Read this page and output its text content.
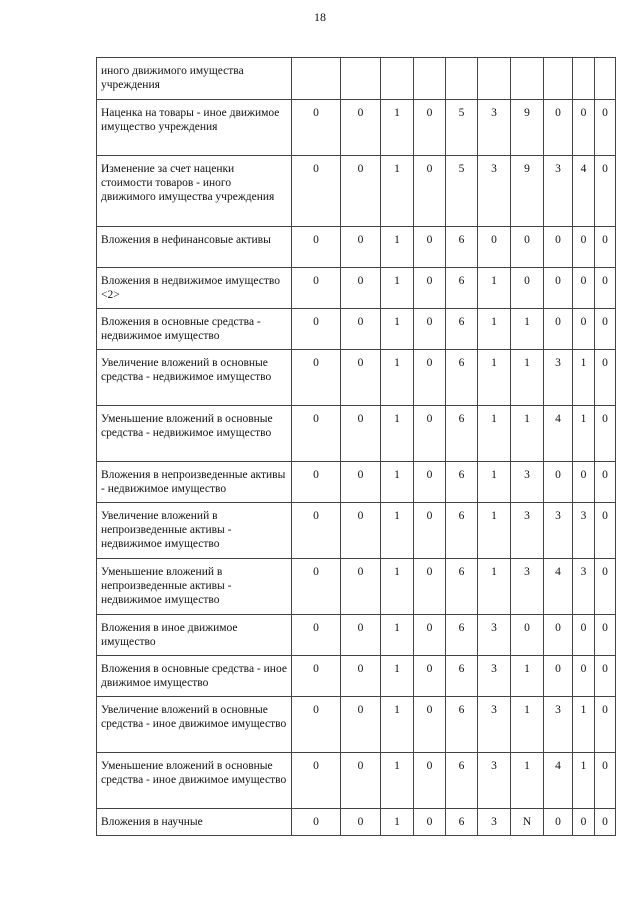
18
иного движимого имущества учреждения										
Наценка на товары - иное движимое имущество учреждения	0	0	1	0	5	3	9	0	0	0
Изменение за счет наценки стоимости товаров - иного движимого имущества учреждения	0	0	1	0	5	3	9	3	4	0
Вложения в нефинансовые активы	0	0	1	0	6	0	0	0	0	0
Вложения в недвижимое имущество <2>	0	0	1	0	6	1	0	0	0	0
Вложения в основные средства - недвижимое имущество	0	0	1	0	6	1	1	0	0	0
Увеличение вложений в основные средства - недвижимое имущество	0	0	1	0	6	1	1	3	1	0
Уменьшение вложений в основные средства - недвижимое имущество	0	0	1	0	6	1	1	4	1	0
Вложения в непроизведенные активы - недвижимое имущество	0	0	1	0	6	1	3	0	0	0
Увеличение вложений в непроизведенные активы - недвижимое имущество	0	0	1	0	6	1	3	3	3	0
Уменьшение вложений в непроизведенные активы - недвижимое имущество	0	0	1	0	6	1	3	4	3	0
Вложения в иное движимое имущество	0	0	1	0	6	3	0	0	0	0
Вложения в основные средства - иное движимое имущество	0	0	1	0	6	3	1	0	0	0
Увеличение вложений в основные средства - иное движимое имущество	0	0	1	0	6	3	1	3	1	0
Уменьшение вложений в основные средства - иное движимое имущество	0	0	1	0	6	3	1	4	1	0
Вложения в научные	0	0	1	0	6	3	N	0	0	0
